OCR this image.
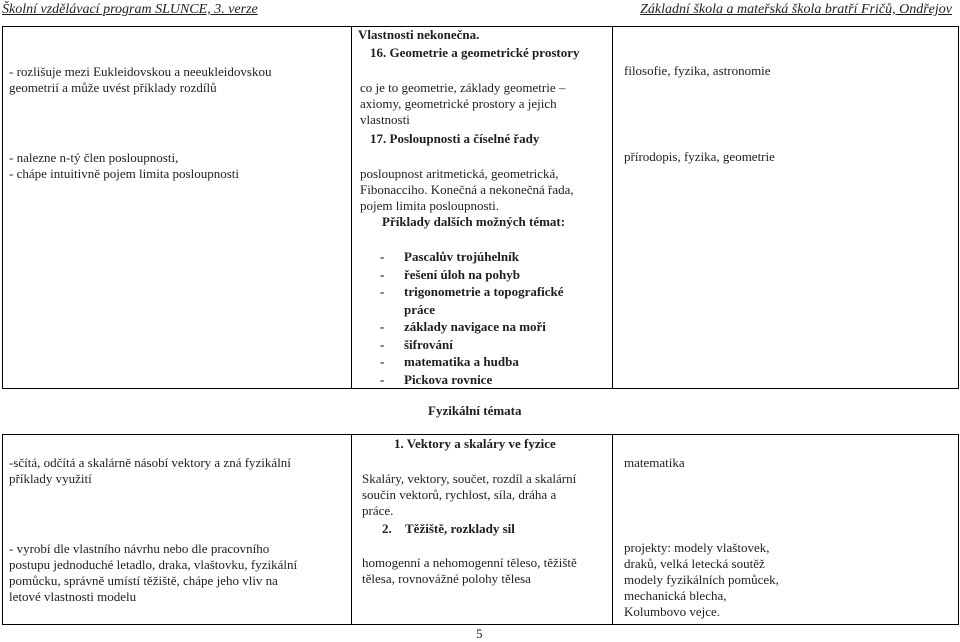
Školní vzdělávací program SLUNCE, 3. verze	Základní škola a mateřská škola bratří Fričů, Ondřejov
Vlastnosti nekonečna.
- rozlišuje mezi Eukleidovskou a neeukleidovskou
geometrií a může uvést příklady rozdílů
16. Geometrie a geometrické prostory
co je to geometrie, základy geometrie –
axiomy, geometrické prostory a jejich
vlastnosti
filosofie, fyzika, astronomie
- nalezne n-tý člen posloupnosti,
- chápe intuitivně pojem limita posloupnosti
17. Posloupnosti a číselné řady
posloupnost aritmetická, geometrická,
Fibonacciho. Konečná a nekonečná řada,
pojem limita posloupnosti.
přírodopis, fyzika, geometrie
Příklady dalších možných témat:
- Pascalův trojúhelník
- řešení úloh na pohyb
- trigonometrie a topografické
práce
- základy navigace na moři
- šifrování
- matematika a hudba
- Pickova rovnice
Fyzikální témata
-sčítá, odčítá a skalárně násobí vektory a zná fyzikální
příklady využití
1. Vektory a skaláry ve fyzice
Skaláry, vektory, součet, rozdíl a skalární
součin vektorů, rychlost, síla, dráha a
práce.
matematika
- vyrobí dle vlastního návrhu nebo dle pracovního
postupu jednoduché letadlo, draka, vlaštovku, fyzikální
pomůcku, správně umístí těžiště, chápe jeho vliv na
letové vlastnosti modelu
2. Těžiště, rozklady sil
homogenní a nehomogenní těleso, těžiště
tělesa, rovnovážné polohy tělesa
projekty: modely vlaštovek,
draků, velká letecká soutěž
modely fyzikálních pomůcek,
mechanická blecha,
Kolumbovo vejce.
5
